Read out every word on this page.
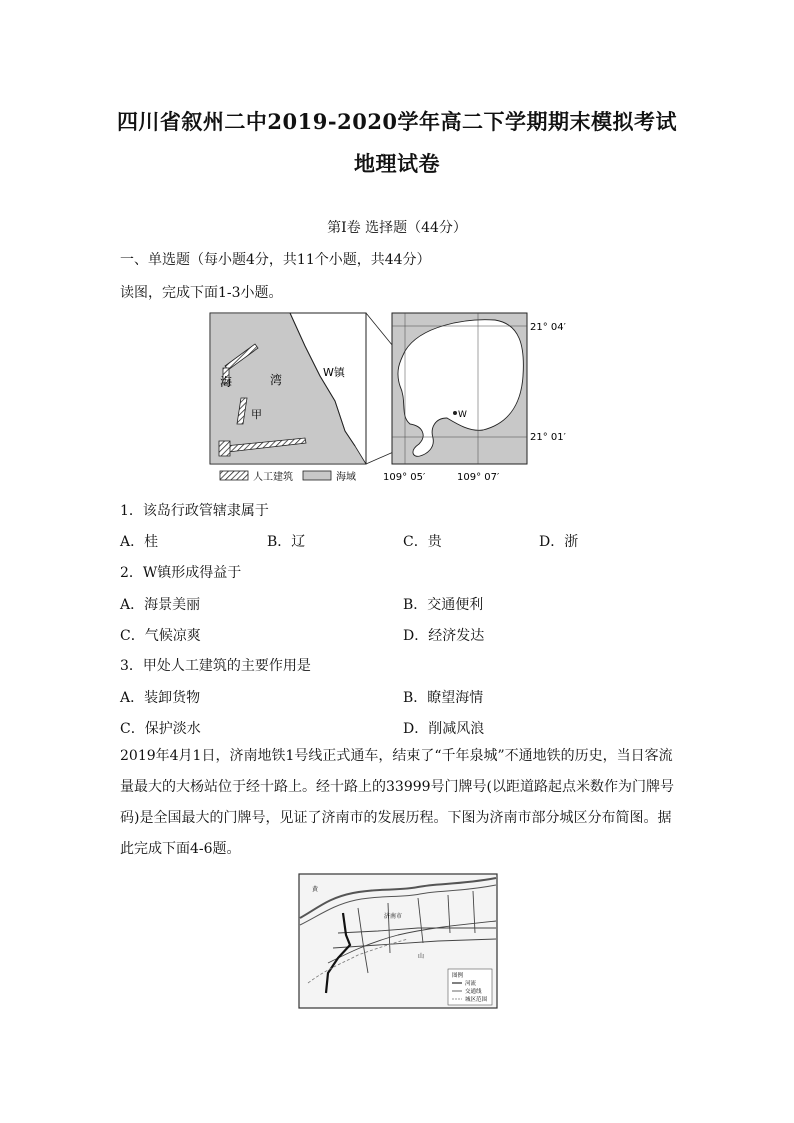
四川省叙州二中2019-2020学年高二下学期期末模拟考试
地理试卷
第Ⅰ卷 选择题（44分）
一、单选题（每小题4分，共11个小题，共44分）
读图，完成下面1-3小题。
海	湾
W镇
甲	W
21° 04′
21° 01′
109° 05′	109° 07′
人工建筑	海域
1．该岛行政管辖隶属于
A．桂	B．辽	C．贵	D．浙
2．W镇形成得益于
A．海景美丽	B．交通便利
C．气候凉爽	D．经济发达
3．甲处人工建筑的主要作用是
A．装卸货物	B．瞭望海情
C．保护淡水	D．削减风浪
2019年4月1日，济南地铁1号线正式通车，结束了“千年泉城”不通地铁的历史，当日客流量最大的大杨站位于经十路上。经十路上的33999号门牌号(以距道路起点米数作为门牌号码)是全国最大的门牌号，见证了济南市的发展历程。下图为济南市部分城区分布简图。据此完成下面4-6题。
黄
济南市
山
图例
河流
交通线
城区范围
